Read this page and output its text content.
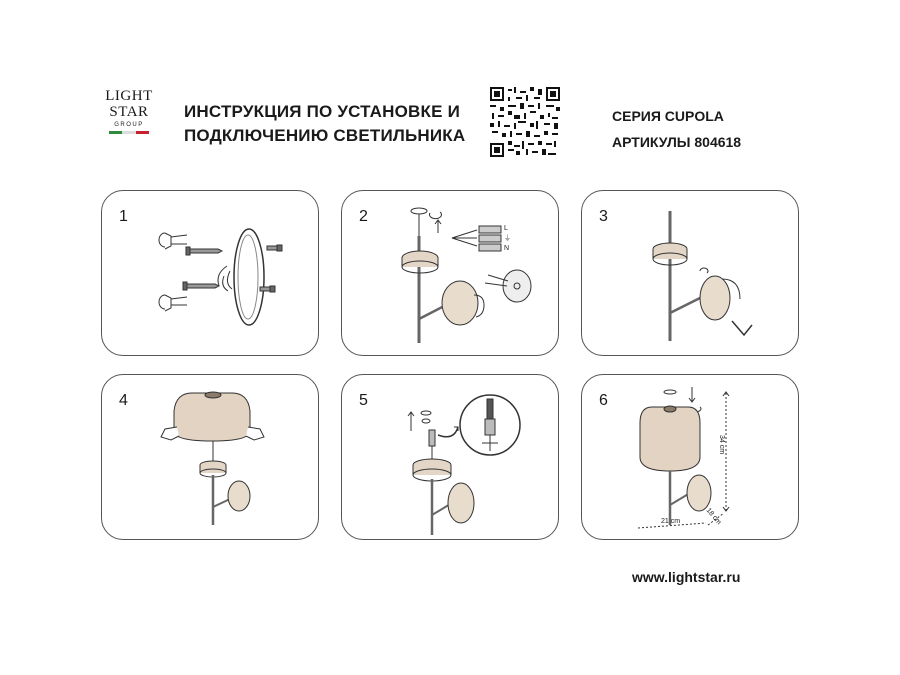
LIGHT
STAR
GROUP
ИНСТРУКЦИЯ ПО УСТАНОВКЕ И
ПОДКЛЮЧЕНИЮ СВЕТИЛЬНИКА
СЕРИЯ CUPOLA
АРТИКУЛЫ 804618
1	2
L
⏚
N
3
4	5	6
34 cm
21 cm	18 cm
www.lightstar.ru
